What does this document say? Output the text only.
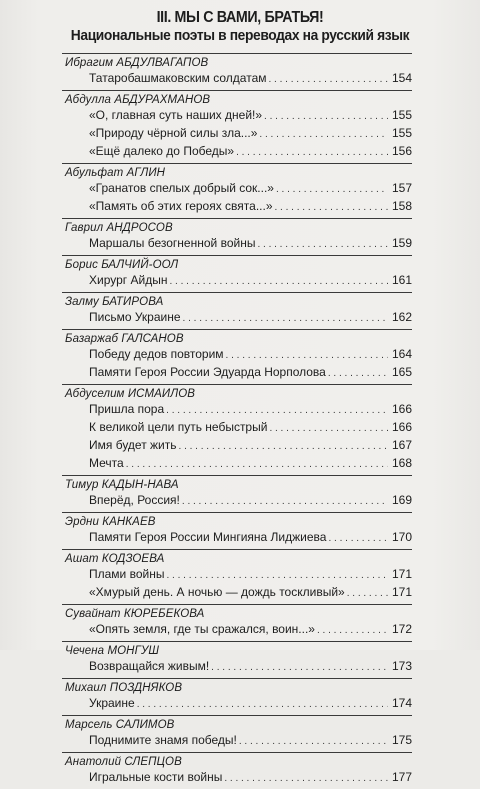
III. МЫ С ВАМИ, БРАТЬЯ!
Национальные поэты в переводах на русский язык
Ибрагим АБДУЛВАГАПОВ
Татаробашмаковским солдатам . . .	154
Абдулла АБДУРАХМАНОВ
«О, главная суть наших дней!» . . .	155
«Природу чёрной силы зла...» . . .	155
«Ещё далеко до Победы» . . .	156
Абульфат АГЛИН
«Гранатов спелых добрый сок...» . . .	157
«Память об этих героях свята...» . . .	158
Гаврил АНДРОСОВ
Маршалы безогненной войны . . .	159
Борис БАЛЧИЙ-ООЛ
Хирург Айдын . . .	161
Залму БАТИРОВА
Письмо Украине . . .	162
Базаржаб ГАЛСАНОВ
Победу дедов повторим . . .	164
Памяти Героя России Эдуарда Норполова . . .	165
Абдуселим ИСМАИЛОВ
Пришла пора . . .	166
К великой цели путь небыстрый . . .	166
Имя будет жить . . .	167
Мечта . . .	168
Тимур КАДЫН-НАВА
Вперёд, Россия! . . .	169
Эрдни КАНКАЕВ
Памяти Героя России Мингияна Лиджиева . . .	170
Ашат КОДЗОЕВА
Плами войны . . .	171
«Хмурый день. А ночью — дождь тоскливый» . . .	171
Сувайнат КЮРЕБЕКОВА
«Опять земля, где ты сражался, воин...» . . .	172
Чечена МОНГУШ
Возвращайся живым! . . .	173
Михаил ПОЗДНЯКОВ
Украине . . .	174
Марсель САЛИМОВ
Поднимите знамя победы! . . .	175
Анатолий СЛЕПЦОВ
Игральные кости войны . . .	177
